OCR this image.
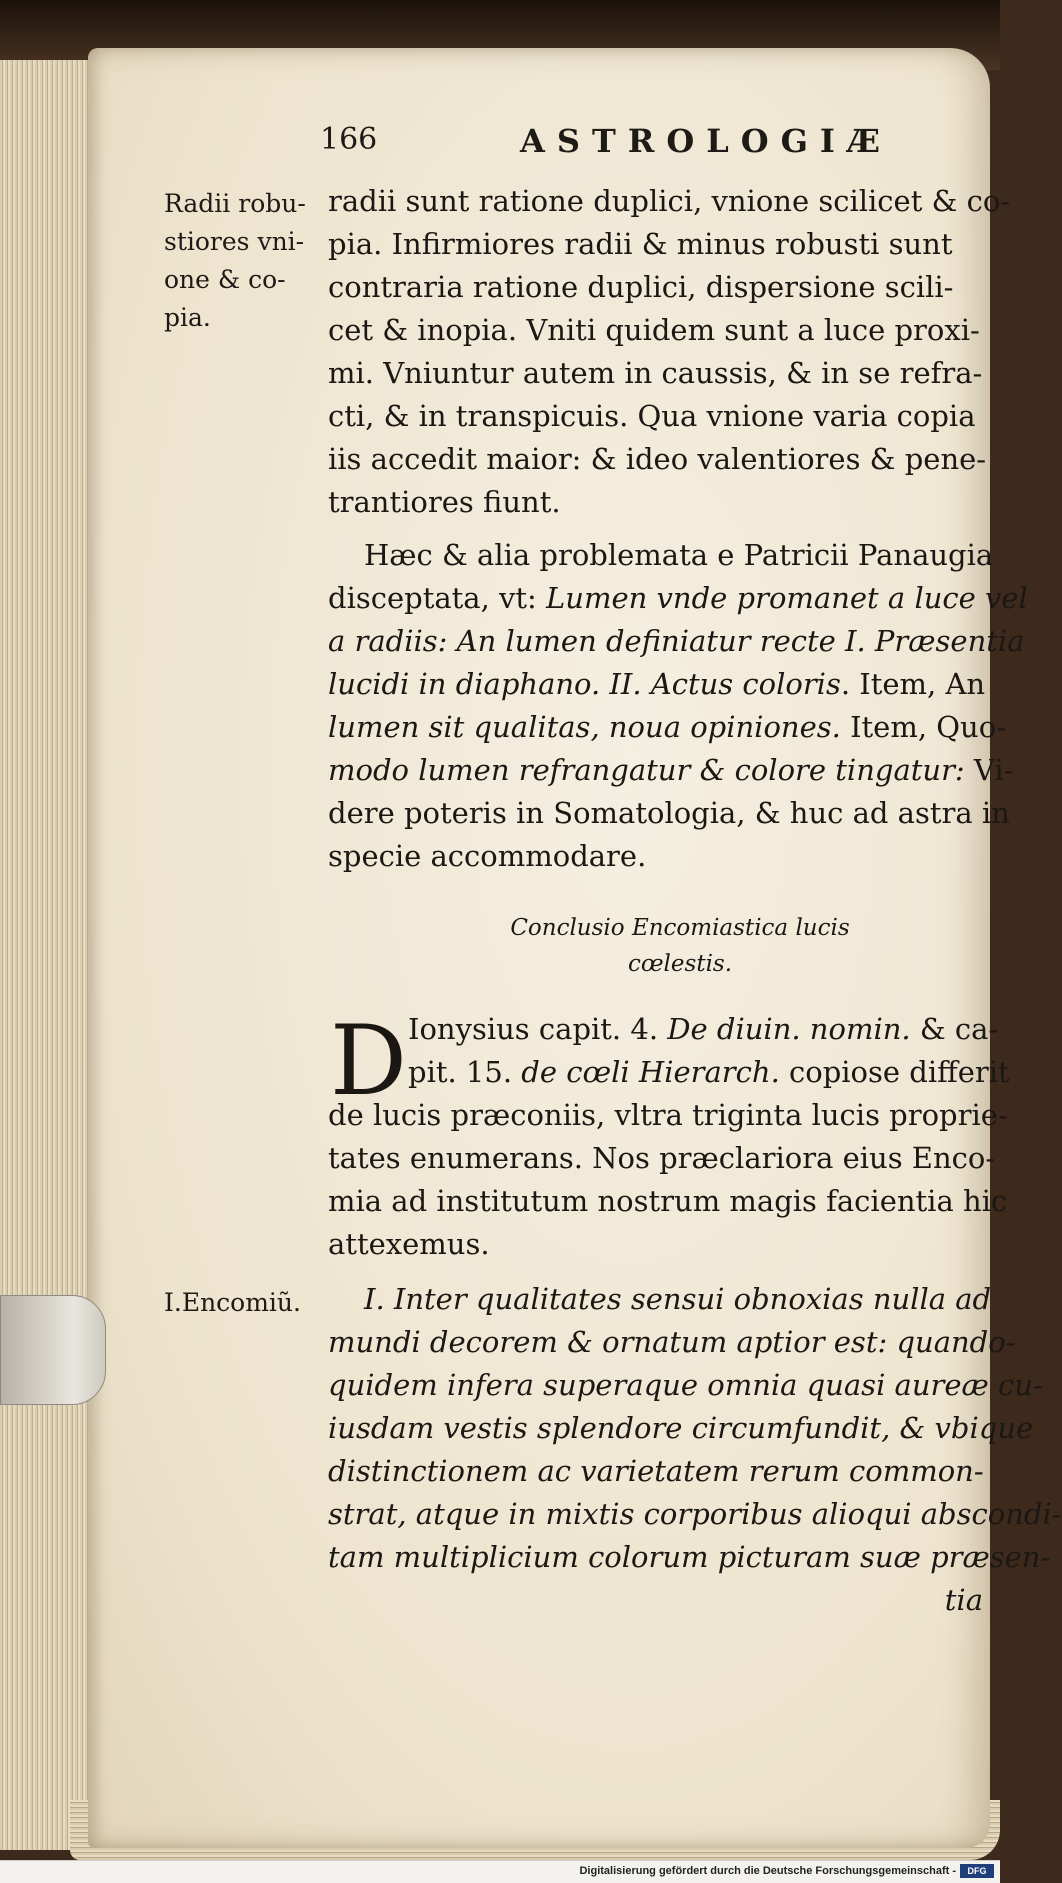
166	ASTROLOGIÆ
Radii robu-
stiores vni-
one & co-
pia.
radii sunt ratione duplici, vnione scilicet & co-
pia. Infirmiores radii & minus robusti sunt
contraria ratione duplici, dispersione scili-
cet & inopia. Vniti quidem sunt a luce proxi-
mi. Vniuntur autem in caussis, & in se refra-
cti, & in transpicuis. Qua vnione varia copia
iis accedit maior: & ideo valentiores & pene-
trantiores fiunt.
Hæc & alia problemata e Patricii Panaugia
disceptata, vt: Lumen vnde promanet a luce vel
a radiis: An lumen definiatur recte I. Præsentia
lucidi in diaphano. II. Actus coloris. Item, An
lumen sit qualitas, noua opiniones. Item, Quo-
modo lumen refrangatur & colore tingatur: Vi-
dere poteris in Somatologia, & huc ad astra in
specie accommodare.
Conclusio Encomiastica lucis
cœlestis.
D Ionysius capit. 4. De diuin. nomin. & ca-
pit. 15. de cœli Hierarch. copiose differit
de lucis præconiis, vltra triginta lucis proprie-
tates enumerans. Nos præclariora eius Enco-
mia ad institutum nostrum magis facientia hic
attexemus.
I.Encomiũ.	I. Inter qualitates sensui obnoxias nulla ad
mundi decorem & ornatum aptior est: quando-
quidem infera superaque omnia quasi aureæ cu-
iusdam vestis splendore circumfundit, & vbique
distinctionem ac varietatem rerum common-
strat, atque in mixtis corporibus alioqui abscondi-
tam multiplicium colorum picturam suæ præsen-
tia
Digitalisierung gefördert durch die Deutsche Forschungsgemeinschaft -	DFG
